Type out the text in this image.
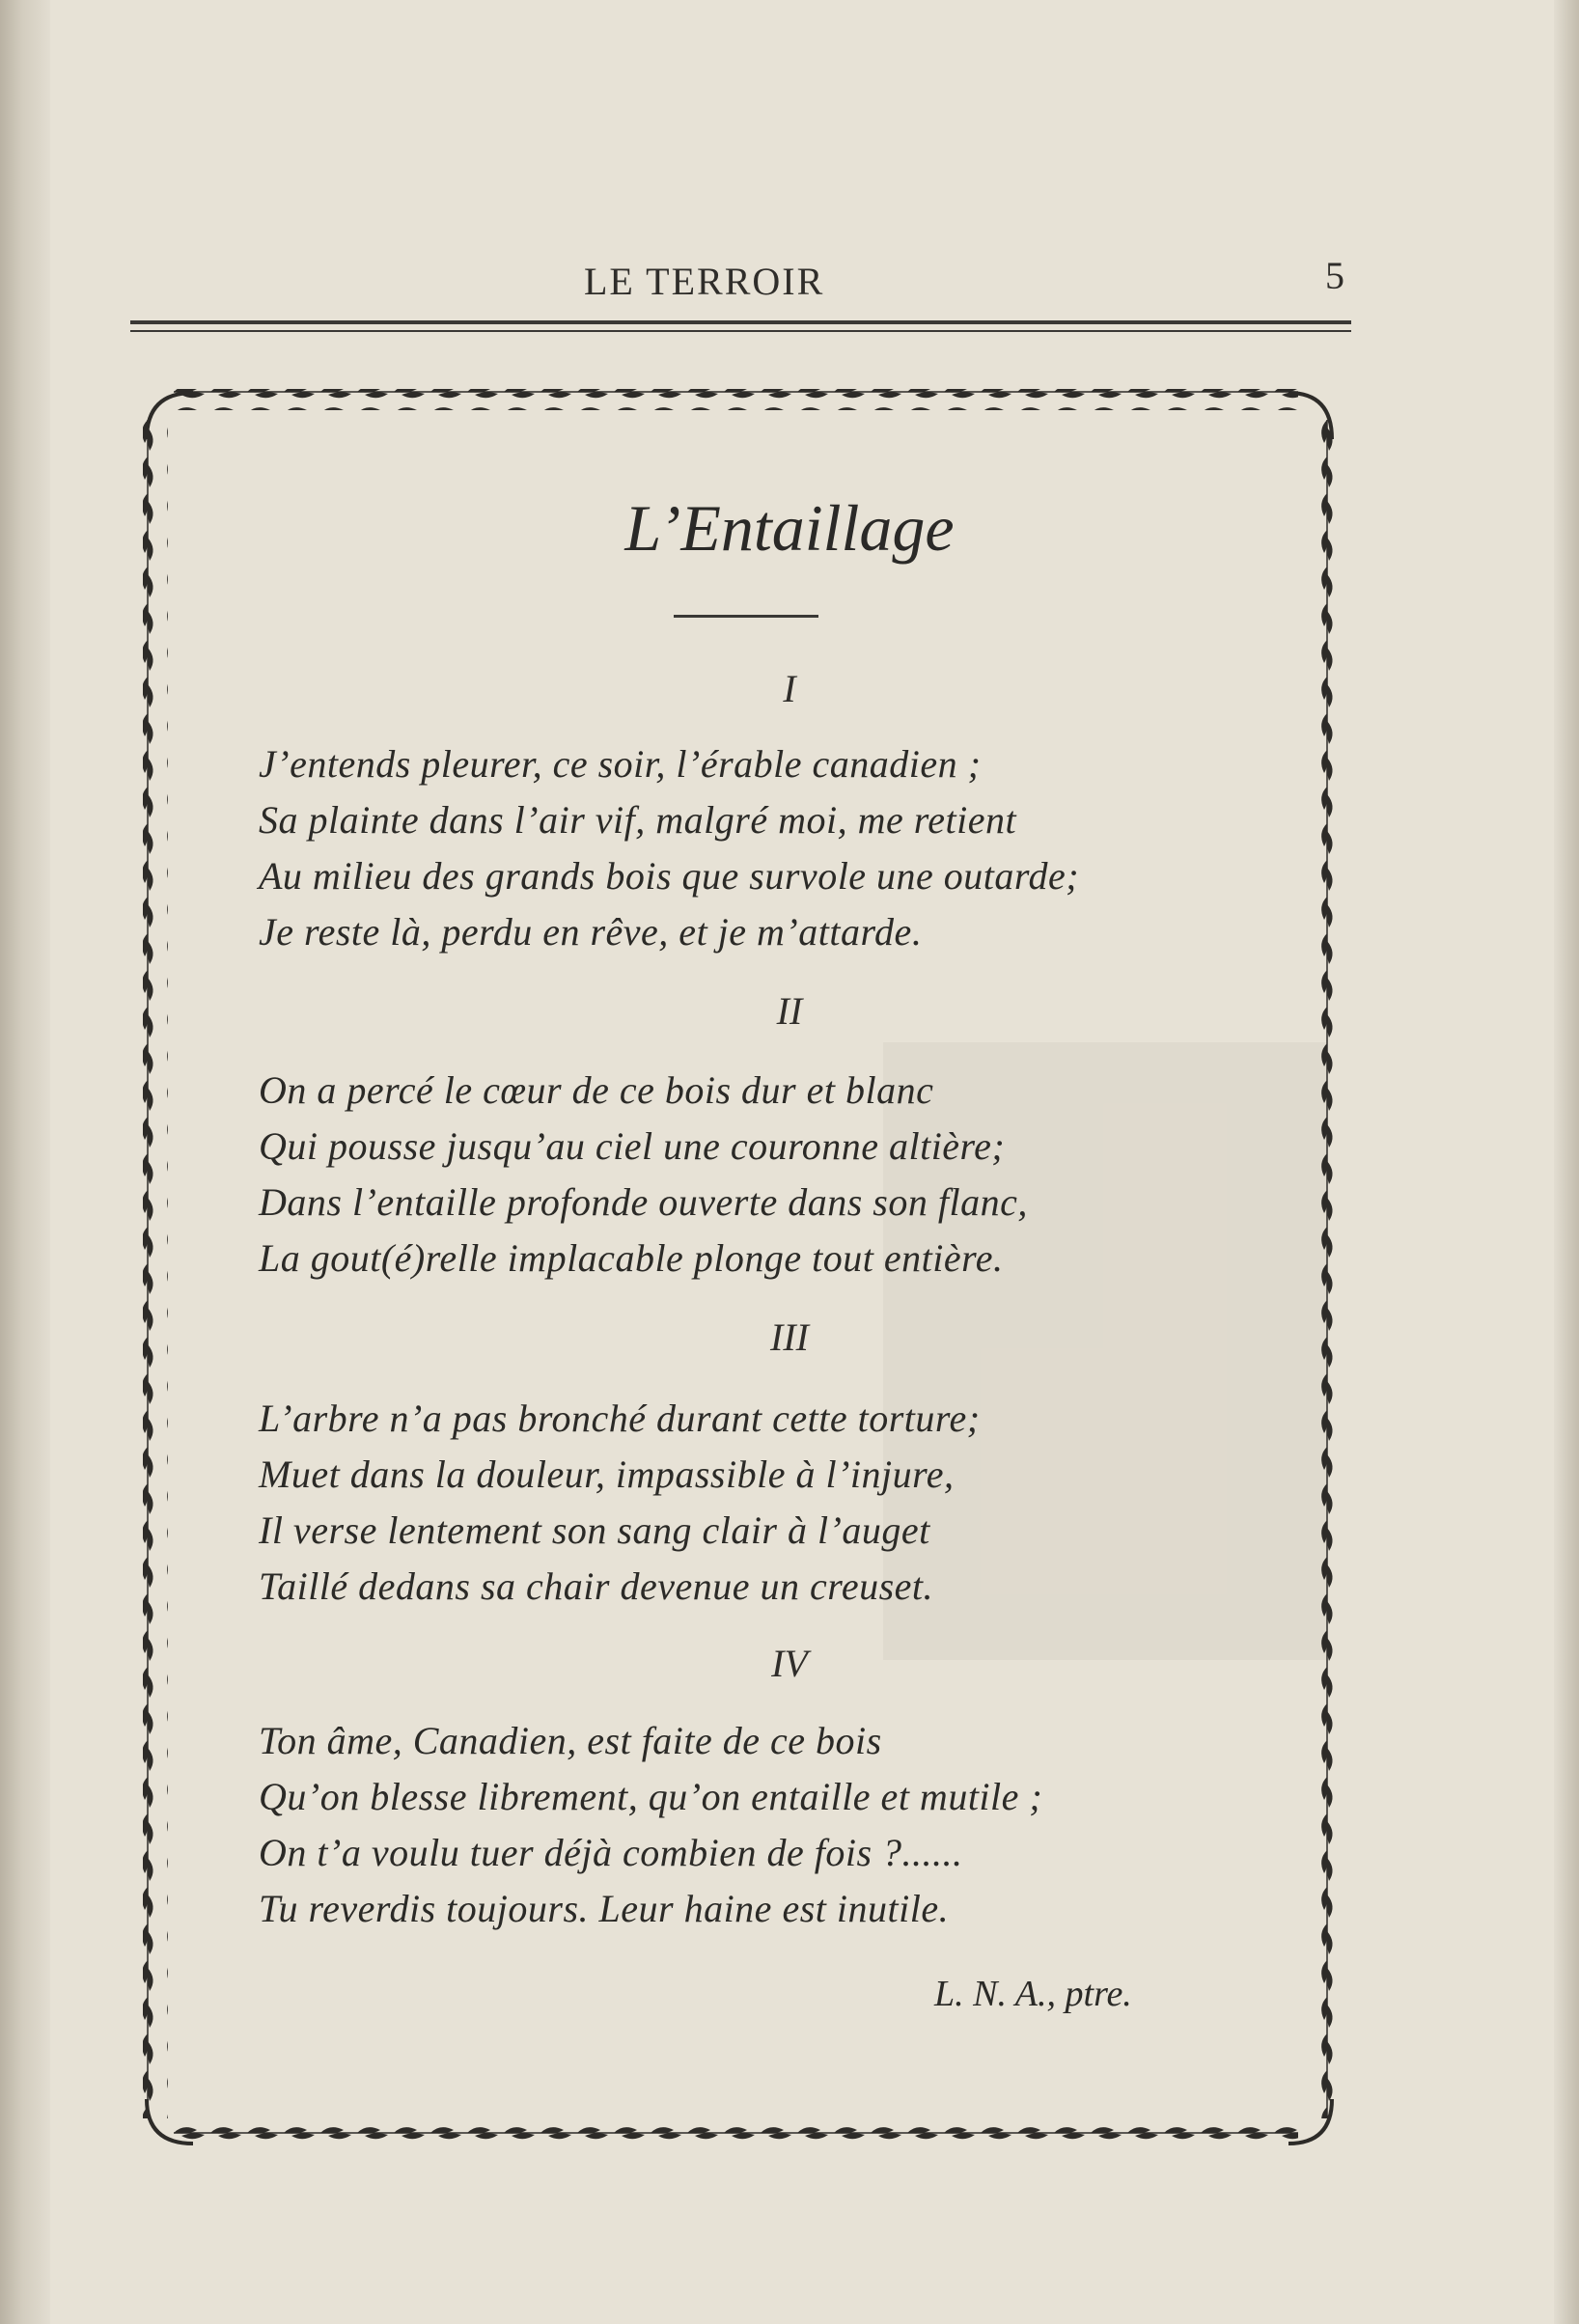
LE TERROIR	5
L’Entaillage
I
J’entends pleurer, ce soir, l’érable canadien ;
Sa plainte dans l’air vif, malgré moi, me retient
Au milieu des grands bois que survole une outarde;
Je reste là, perdu en rêve, et je m’attarde.
II
On a percé le cœur de ce bois dur et blanc
Qui pousse jusqu’au ciel une couronne altière;
Dans l’entaille profonde ouverte dans son flanc,
La gout(é)relle implacable plonge tout entière.
III
L’arbre n’a pas bronché durant cette torture;
Muet dans la douleur, impassible à l’injure,
Il verse lentement son sang clair à l’auget
Taillé dedans sa chair devenue un creuset.
IV
Ton âme, Canadien, est faite de ce bois
Qu’on blesse librement, qu’on entaille et mutile ;
On t’a voulu tuer déjà combien de fois ?......
Tu reverdis toujours. Leur haine est inutile.
L. N. A., ptre.
